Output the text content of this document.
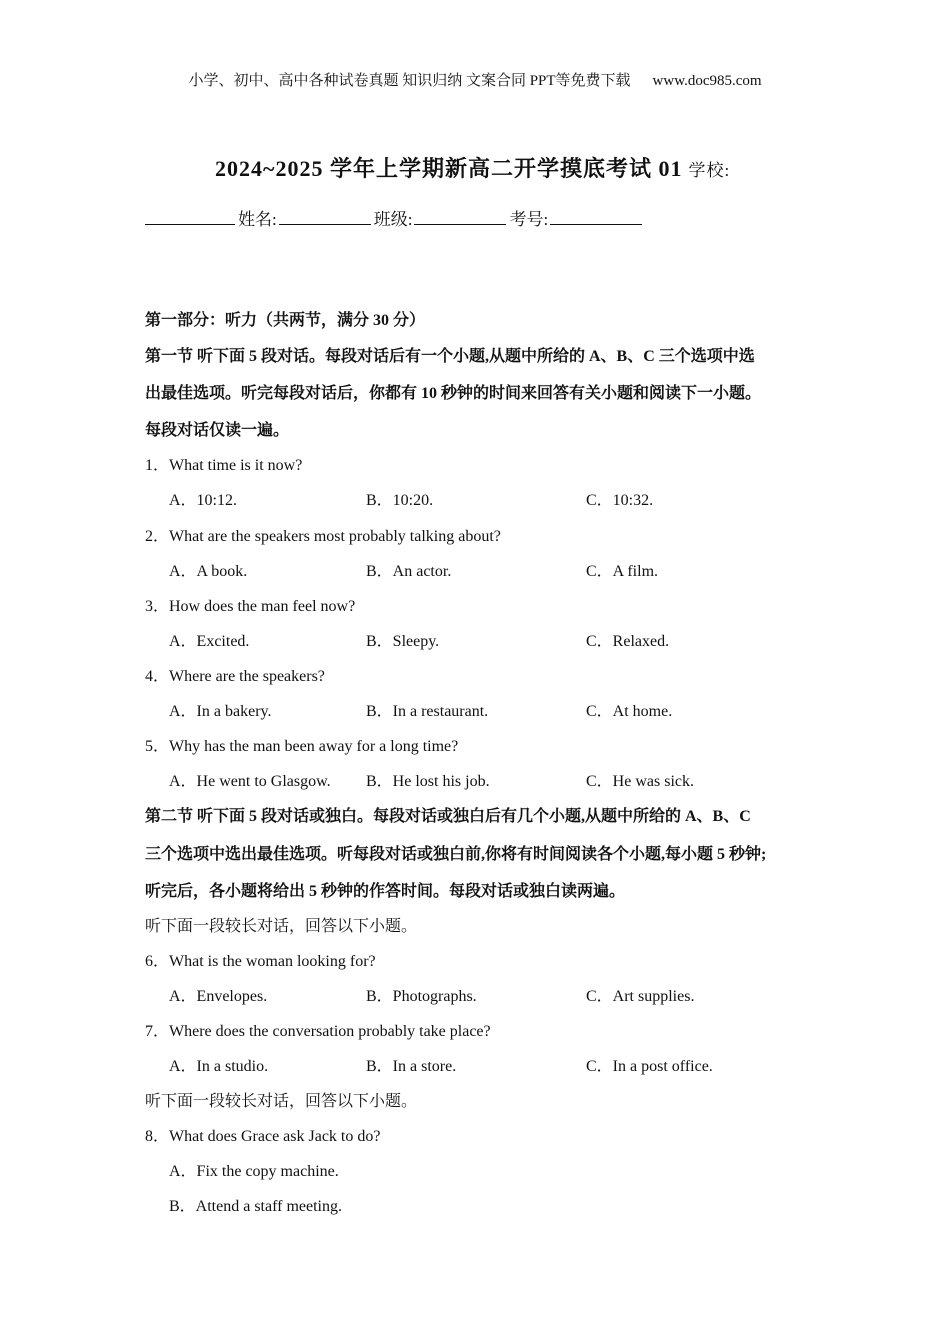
小学、初中、高中各种试卷真题 知识归纳 文案合同 PPT等免费下载 www.doc985.com
2024~2025 学年上学期新高二开学摸底考试 01 学校:
姓名:	班级:	考号:
第一部分：听力（共两节，满分 30 分）
第一节 听下面 5 段对话。每段对话后有一个小题,从题中所给的 A、B、C 三个选项中选
出最佳选项。听完每段对话后，你都有 10 秒钟的时间来回答有关小题和阅读下一小题。
每段对话仅读一遍。
1．What time is it now?
A．10:12.	B．10:20.	C．10:32.
2．What are the speakers most probably talking about?
A．A book.	B．An actor.	C．A film.
3．How does the man feel now?
A．Excited.	B．Sleepy.	C．Relaxed.
4．Where are the speakers?
A．In a bakery.	B．In a restaurant.	C．At home.
5．Why has the man been away for a long time?
A．He went to Glasgow. B．He lost his job.	C．He was sick.
第二节 听下面 5 段对话或独白。每段对话或独白后有几个小题,从题中所给的 A、B、C
三个选项中选出最佳选项。听每段对话或独白前,你将有时间阅读各个小题,每小题 5 秒钟;
听完后，各小题将给出 5 秒钟的作答时间。每段对话或独白读两遍。
听下面一段较长对话，回答以下小题。
6．What is the woman looking for?
A．Envelopes.	B．Photographs.	C．Art supplies.
7．Where does the conversation probably take place?
A．In a studio.	B．In a store.	C．In a post office.
听下面一段较长对话，回答以下小题。
8．What does Grace ask Jack to do?
A．Fix the copy machine.
B．Attend a staff meeting.
